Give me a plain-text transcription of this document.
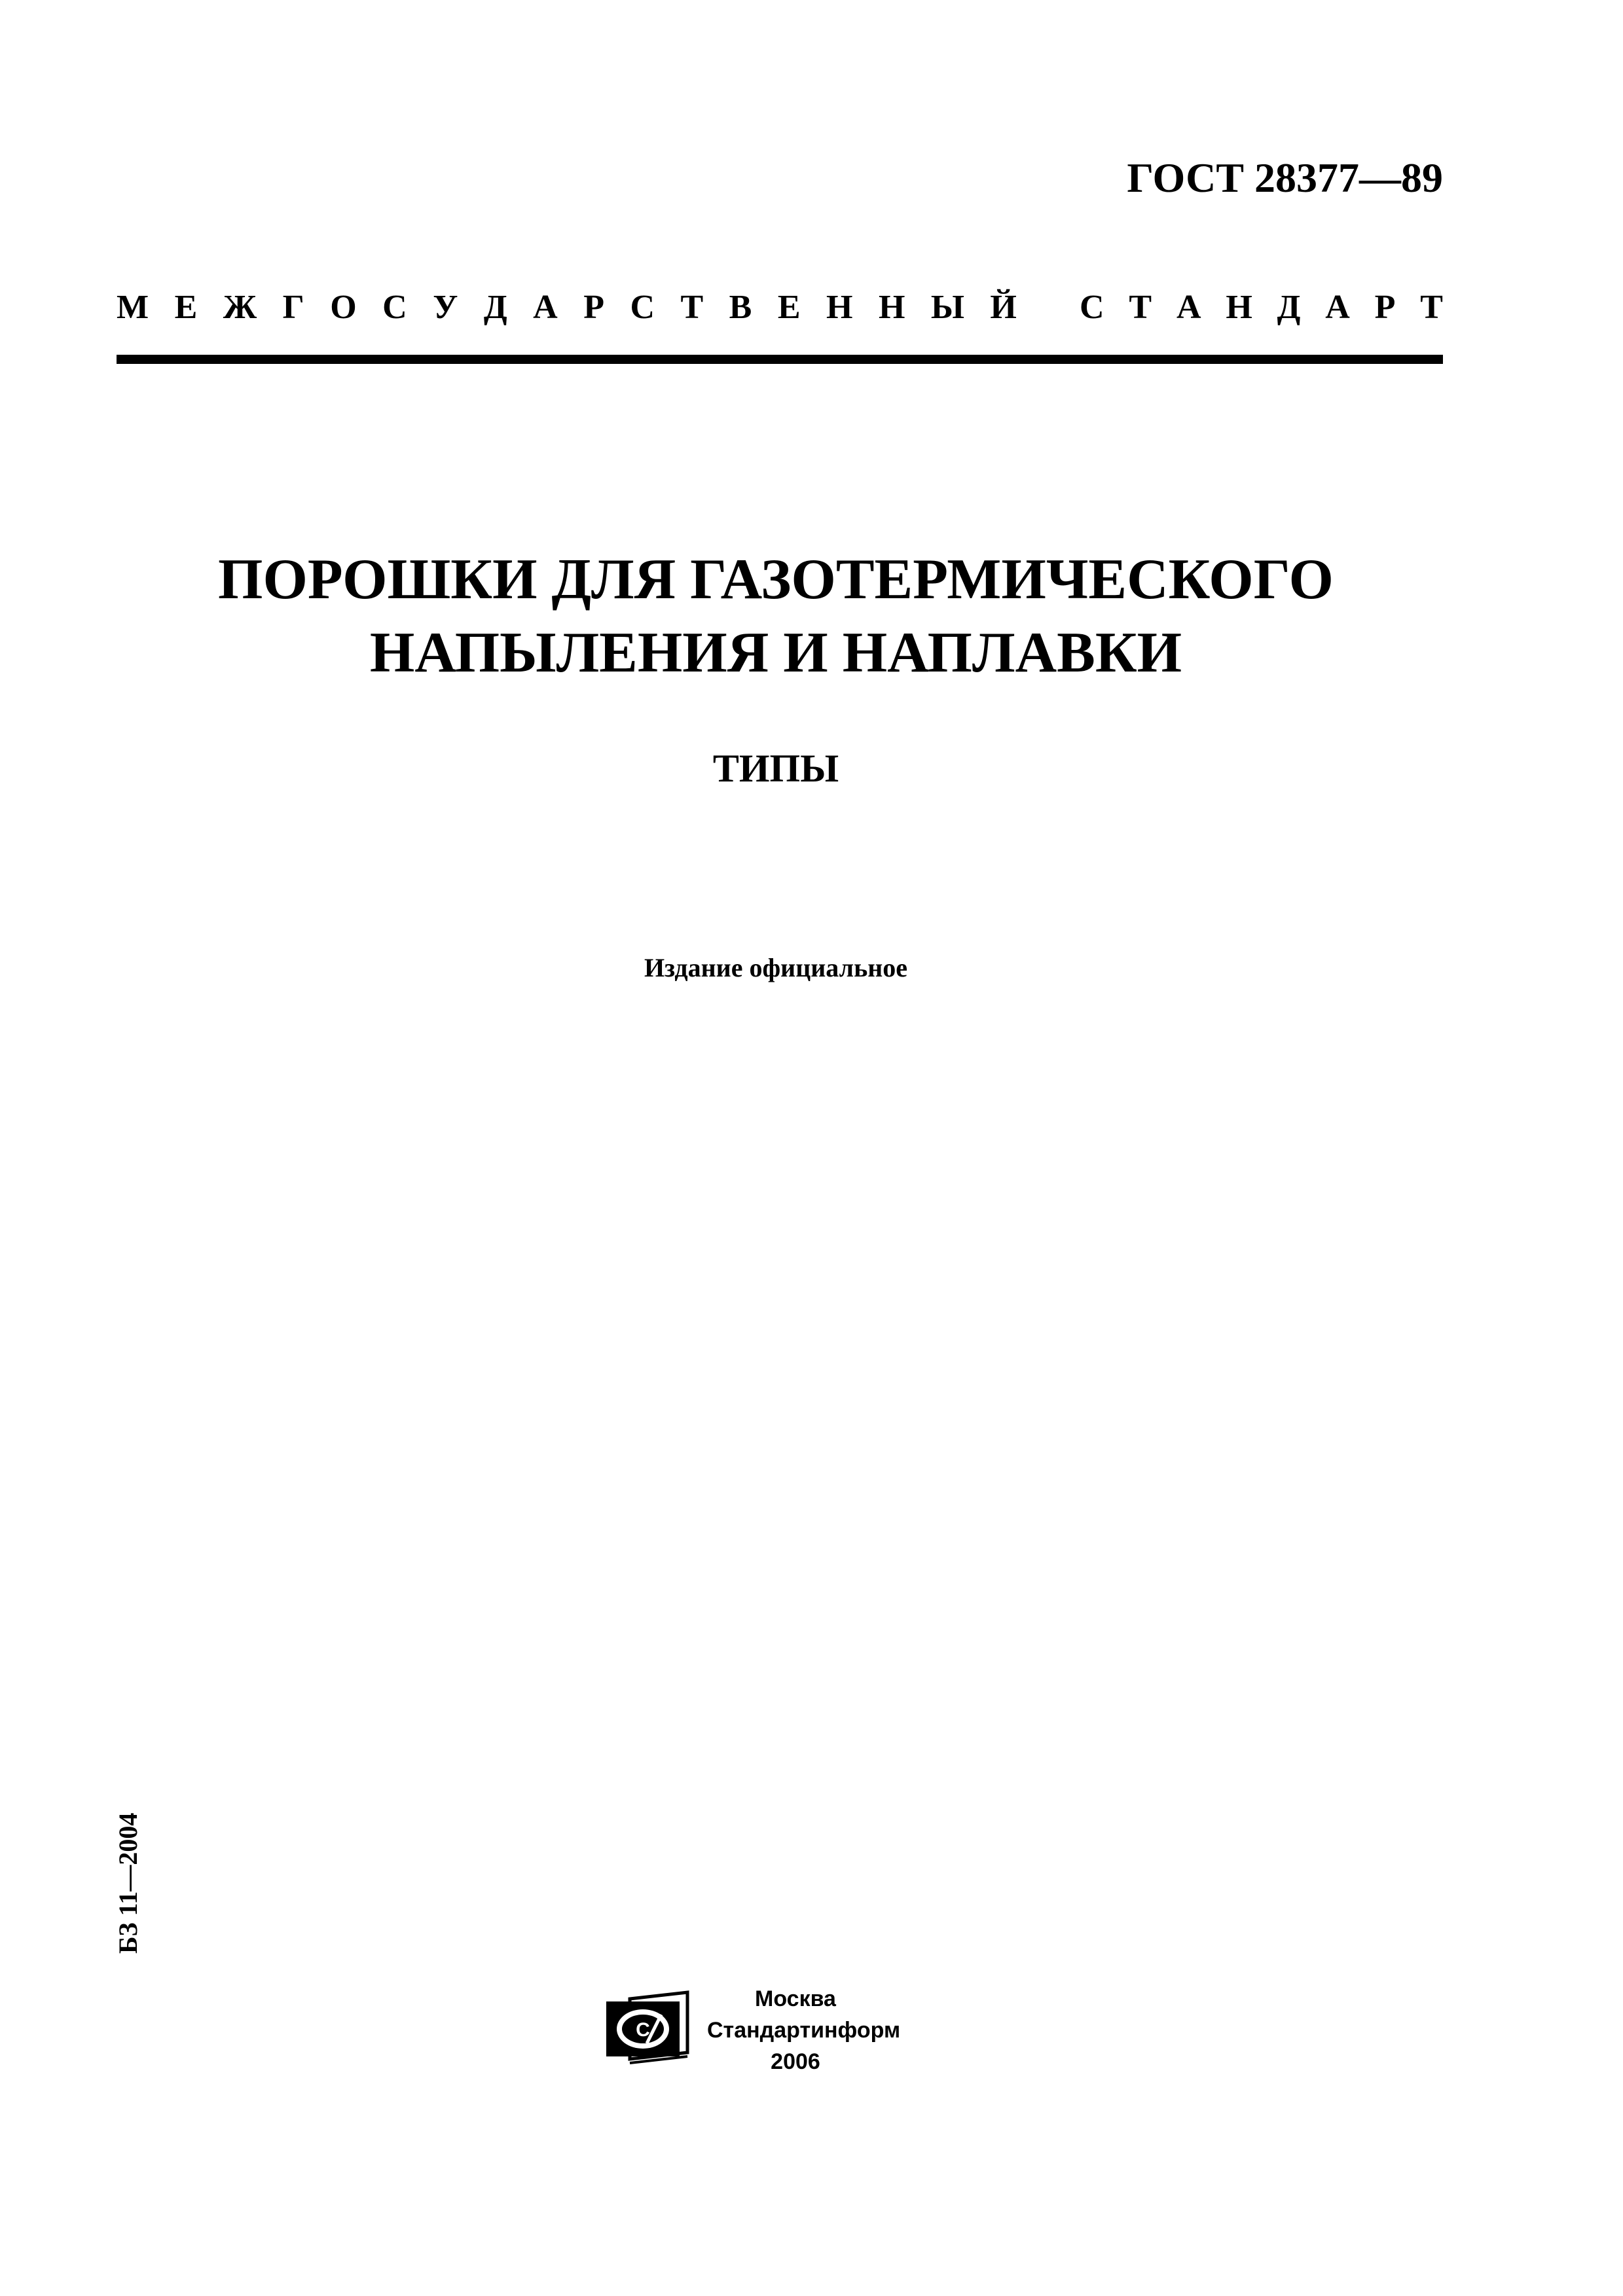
ГОСТ 28377—89
М Е Ж Г О С У Д А Р С Т В Е Н Н Ы Й С Т А Н Д А Р Т
ПОРОШКИ ДЛЯ ГАЗОТЕРМИЧЕСКОГО
НАПЫЛЕНИЯ И НАПЛАВКИ
ТИПЫ
Издание официальное
БЗ 11—2004
С
Москва
Стандартинформ
2006
